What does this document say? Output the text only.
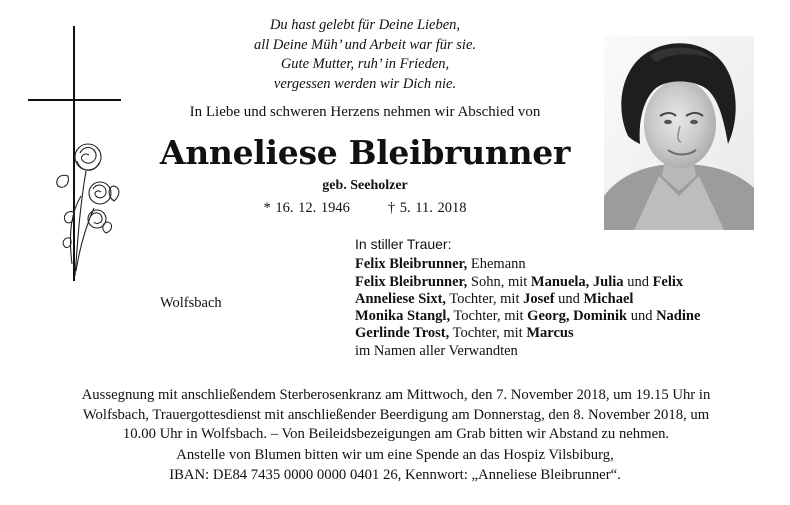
Du hast gelebt für Deine Lieben,
all Deine Müh’ und Arbeit war für sie.
Gute Mutter, ruh’ in Frieden,
vergessen werden wir Dich nie.
In Liebe und schweren Herzens nehmen wir Abschied von
Anneliese Bleibrunner
geb. Seeholzer
* 16. 12. 1946	† 5. 11. 2018
Wolfsbach
In stiller Trauer:
Felix Bleibrunner, Ehemann
Felix Bleibrunner, Sohn, mit Manuela, Julia und Felix
Anneliese Sixt, Tochter, mit Josef und Michael
Monika Stangl, Tochter, mit Georg, Dominik und Nadine
Gerlinde Trost, Tochter, mit Marcus
im Namen aller Verwandten
Aussegnung mit anschließendem Sterberosenkranz am Mittwoch, den 7. November 2018, um 19.15 Uhr in
Wolfsbach, Trauergottesdienst mit anschließender Beerdigung am Donnerstag, den 8. November 2018, um
10.00 Uhr in Wolfsbach. – Von Beileidsbezeigungen am Grab bitten wir Abstand zu nehmen.
Anstelle von Blumen bitten wir um eine Spende an das Hospiz Vilsbiburg,
IBAN: DE84 7435 0000 0000 0401 26, Kennwort: „Anneliese Bleibrunner“.
